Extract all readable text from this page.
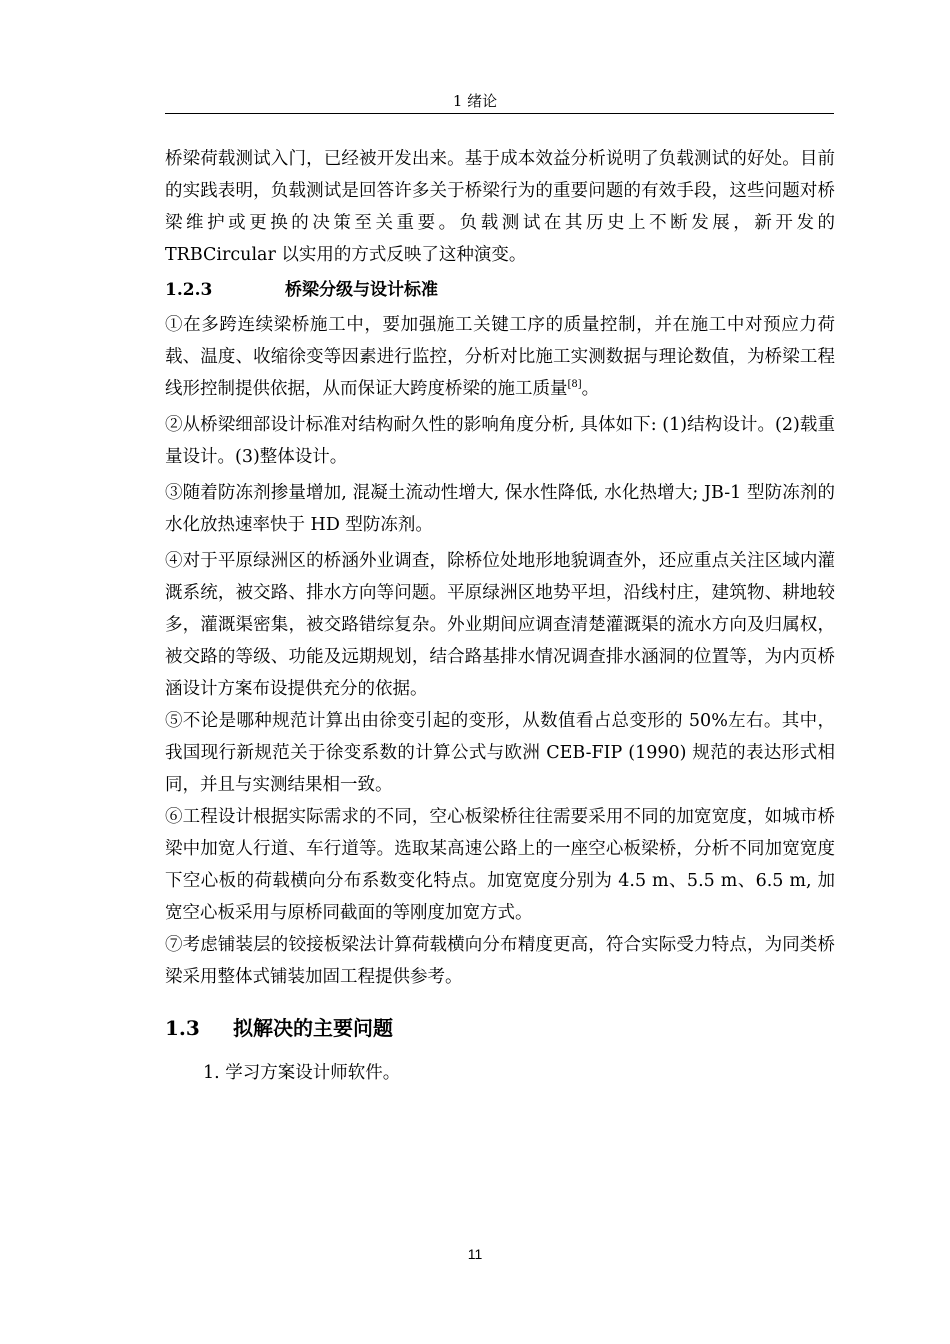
1 绪论

桥梁荷载测试入门，已经被开发出来。基于成本效益分析说明了负载测试的好处。目前的实践表明，负载测试是回答许多关于桥梁行为的重要问题的有效手段，这些问题对桥梁维护或更换的决策至关重要。负载测试在其历史上不断发展，新开发的 TRBCircular 以实用的方式反映了这种演变。

1.2.3	桥梁分级与设计标准

①在多跨连续梁桥施工中，要加强施工关键工序的质量控制，并在施工中对预应力荷载、温度、收缩徐变等因素进行监控，分析对比施工实测数据与理论数值，为桥梁工程线形控制提供依据，从而保证大跨度桥梁的施工质量[8]。

②从桥梁细部设计标准对结构耐久性的影响角度分析, 具体如下: (1)结构设计。(2)载重量设计。(3)整体设计。

③随着防冻剂掺量增加, 混凝土流动性增大, 保水性降低, 水化热增大; JB-1 型防冻剂的水化放热速率快于 HD 型防冻剂。

④对于平原绿洲区的桥涵外业调查，除桥位处地形地貌调查外，还应重点关注区域内灌溉系统，被交路、排水方向等问题。平原绿洲区地势平坦，沿线村庄，建筑物、耕地较多，灌溉渠密集，被交路错综复杂。外业期间应调查清楚灌溉渠的流水方向及归属权，被交路的等级、功能及远期规划，结合路基排水情况调查排水涵洞的位置等，为内页桥涵设计方案布设提供充分的依据。

⑤不论是哪种规范计算出由徐变引起的变形，从数值看占总变形的 50%左右。其中，我国现行新规范关于徐变系数的计算公式与欧洲 CEB-FIP (1990) 规范的表达形式相同，并且与实测结果相一致。

⑥工程设计根据实际需求的不同，空心板梁桥往往需要采用不同的加宽宽度，如城市桥梁中加宽人行道、车行道等。选取某高速公路上的一座空心板梁桥，分析不同加宽宽度下空心板的荷载横向分布系数变化特点。加宽宽度分别为 4.5 m、5.5 m、6.5 m, 加宽空心板采用与原桥同截面的等刚度加宽方式。

⑦考虑铺装层的铰接板梁法计算荷载横向分布精度更高，符合实际受力特点，为同类桥梁采用整体式铺装加固工程提供参考。

1.3	拟解决的主要问题
1. 学习方案设计师软件。
11
